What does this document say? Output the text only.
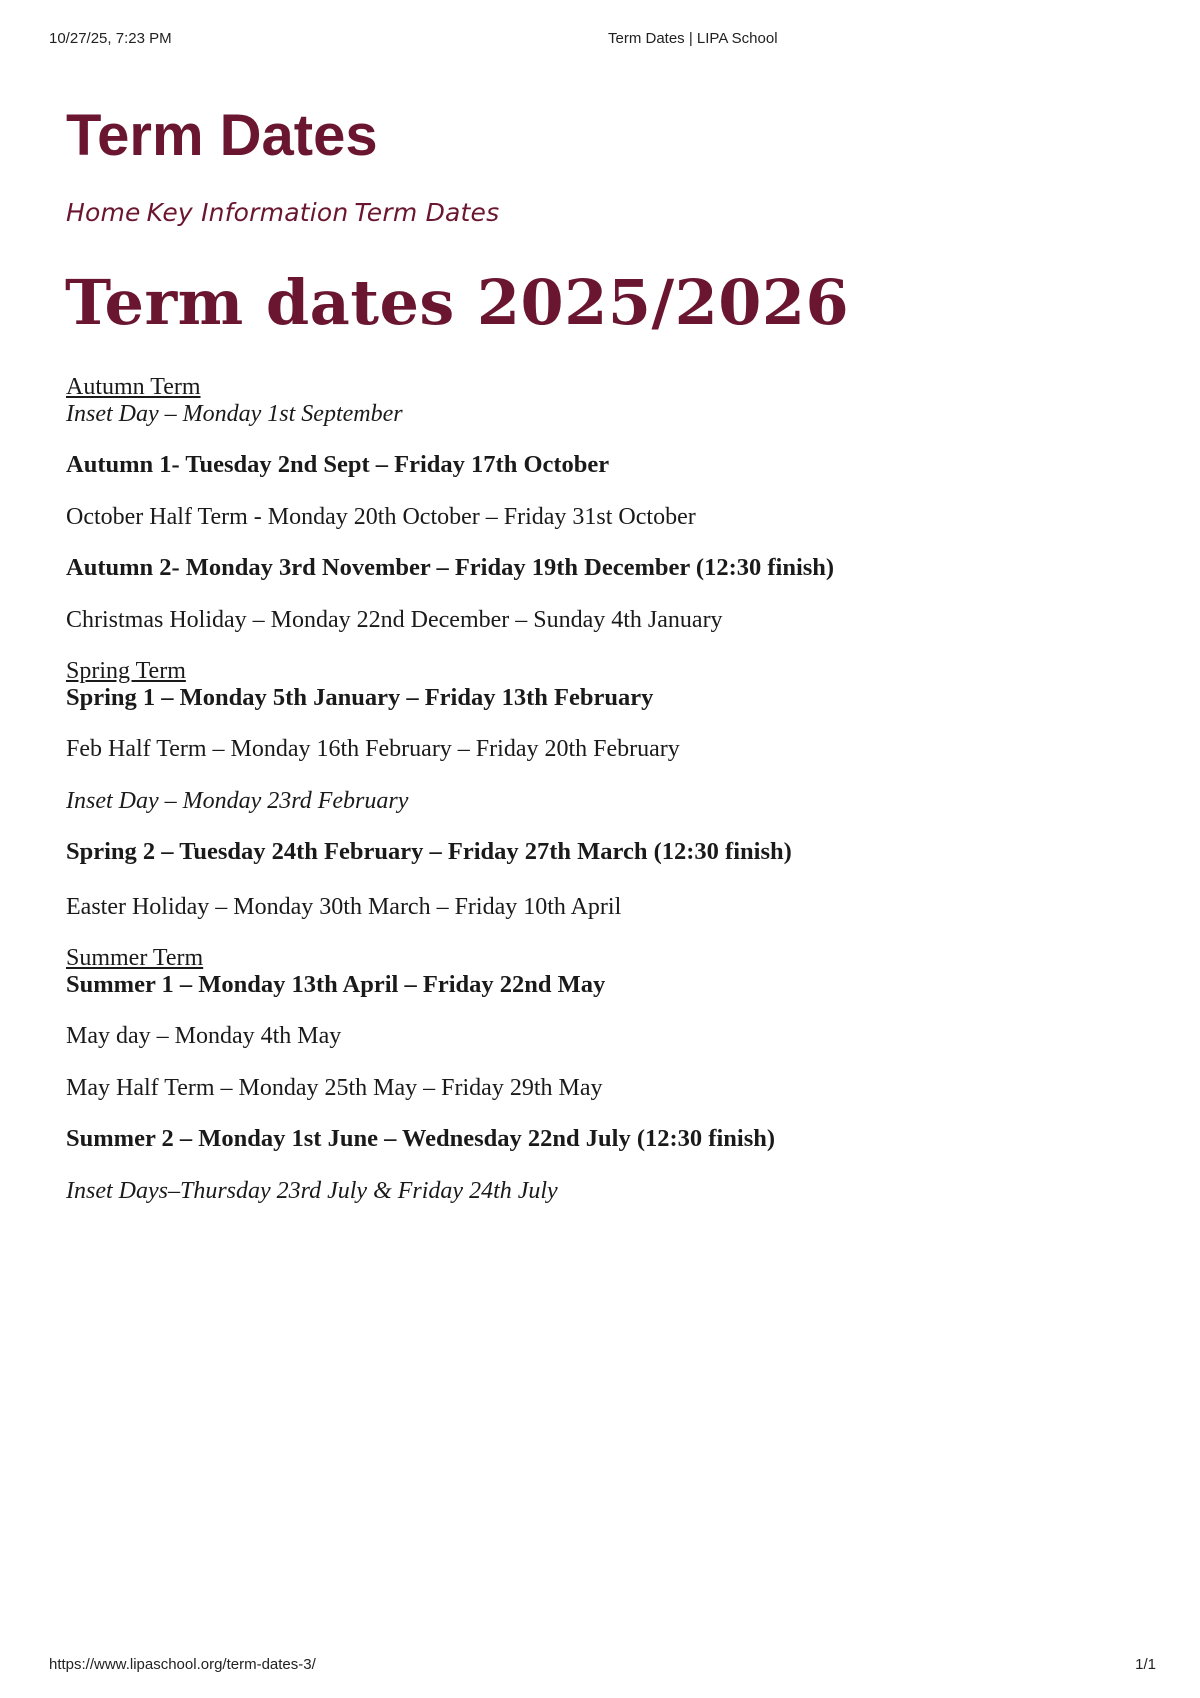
10/27/25, 7:23 PM	Term Dates | LIPA School
Term Dates
Home Key Information Term Dates
Term dates 2025/2026
Autumn Term
Inset Day – Monday 1st September
Autumn 1- Tuesday 2nd Sept – Friday 17th October
October Half Term - Monday 20th October – Friday 31st October
Autumn 2- Monday 3rd November – Friday 19th December (12:30 finish)
Christmas Holiday – Monday 22nd December – Sunday 4th January
Spring Term
Spring 1 – Monday 5th January – Friday 13th February
Feb Half Term – Monday 16th February – Friday 20th February
Inset Day – Monday 23rd February
Spring 2 – Tuesday 24th February – Friday 27th March (12:30 finish)
Easter Holiday – Monday 30th March – Friday 10th April
Summer Term
Summer 1 – Monday 13th April – Friday 22nd May
May day – Monday 4th May
May Half Term – Monday 25th May – Friday 29th May
Summer 2 – Monday 1st June – Wednesday 22nd July (12:30 finish)
Inset Days–Thursday 23rd July & Friday 24th July
https://www.lipaschool.org/term-dates-3/	1/1
